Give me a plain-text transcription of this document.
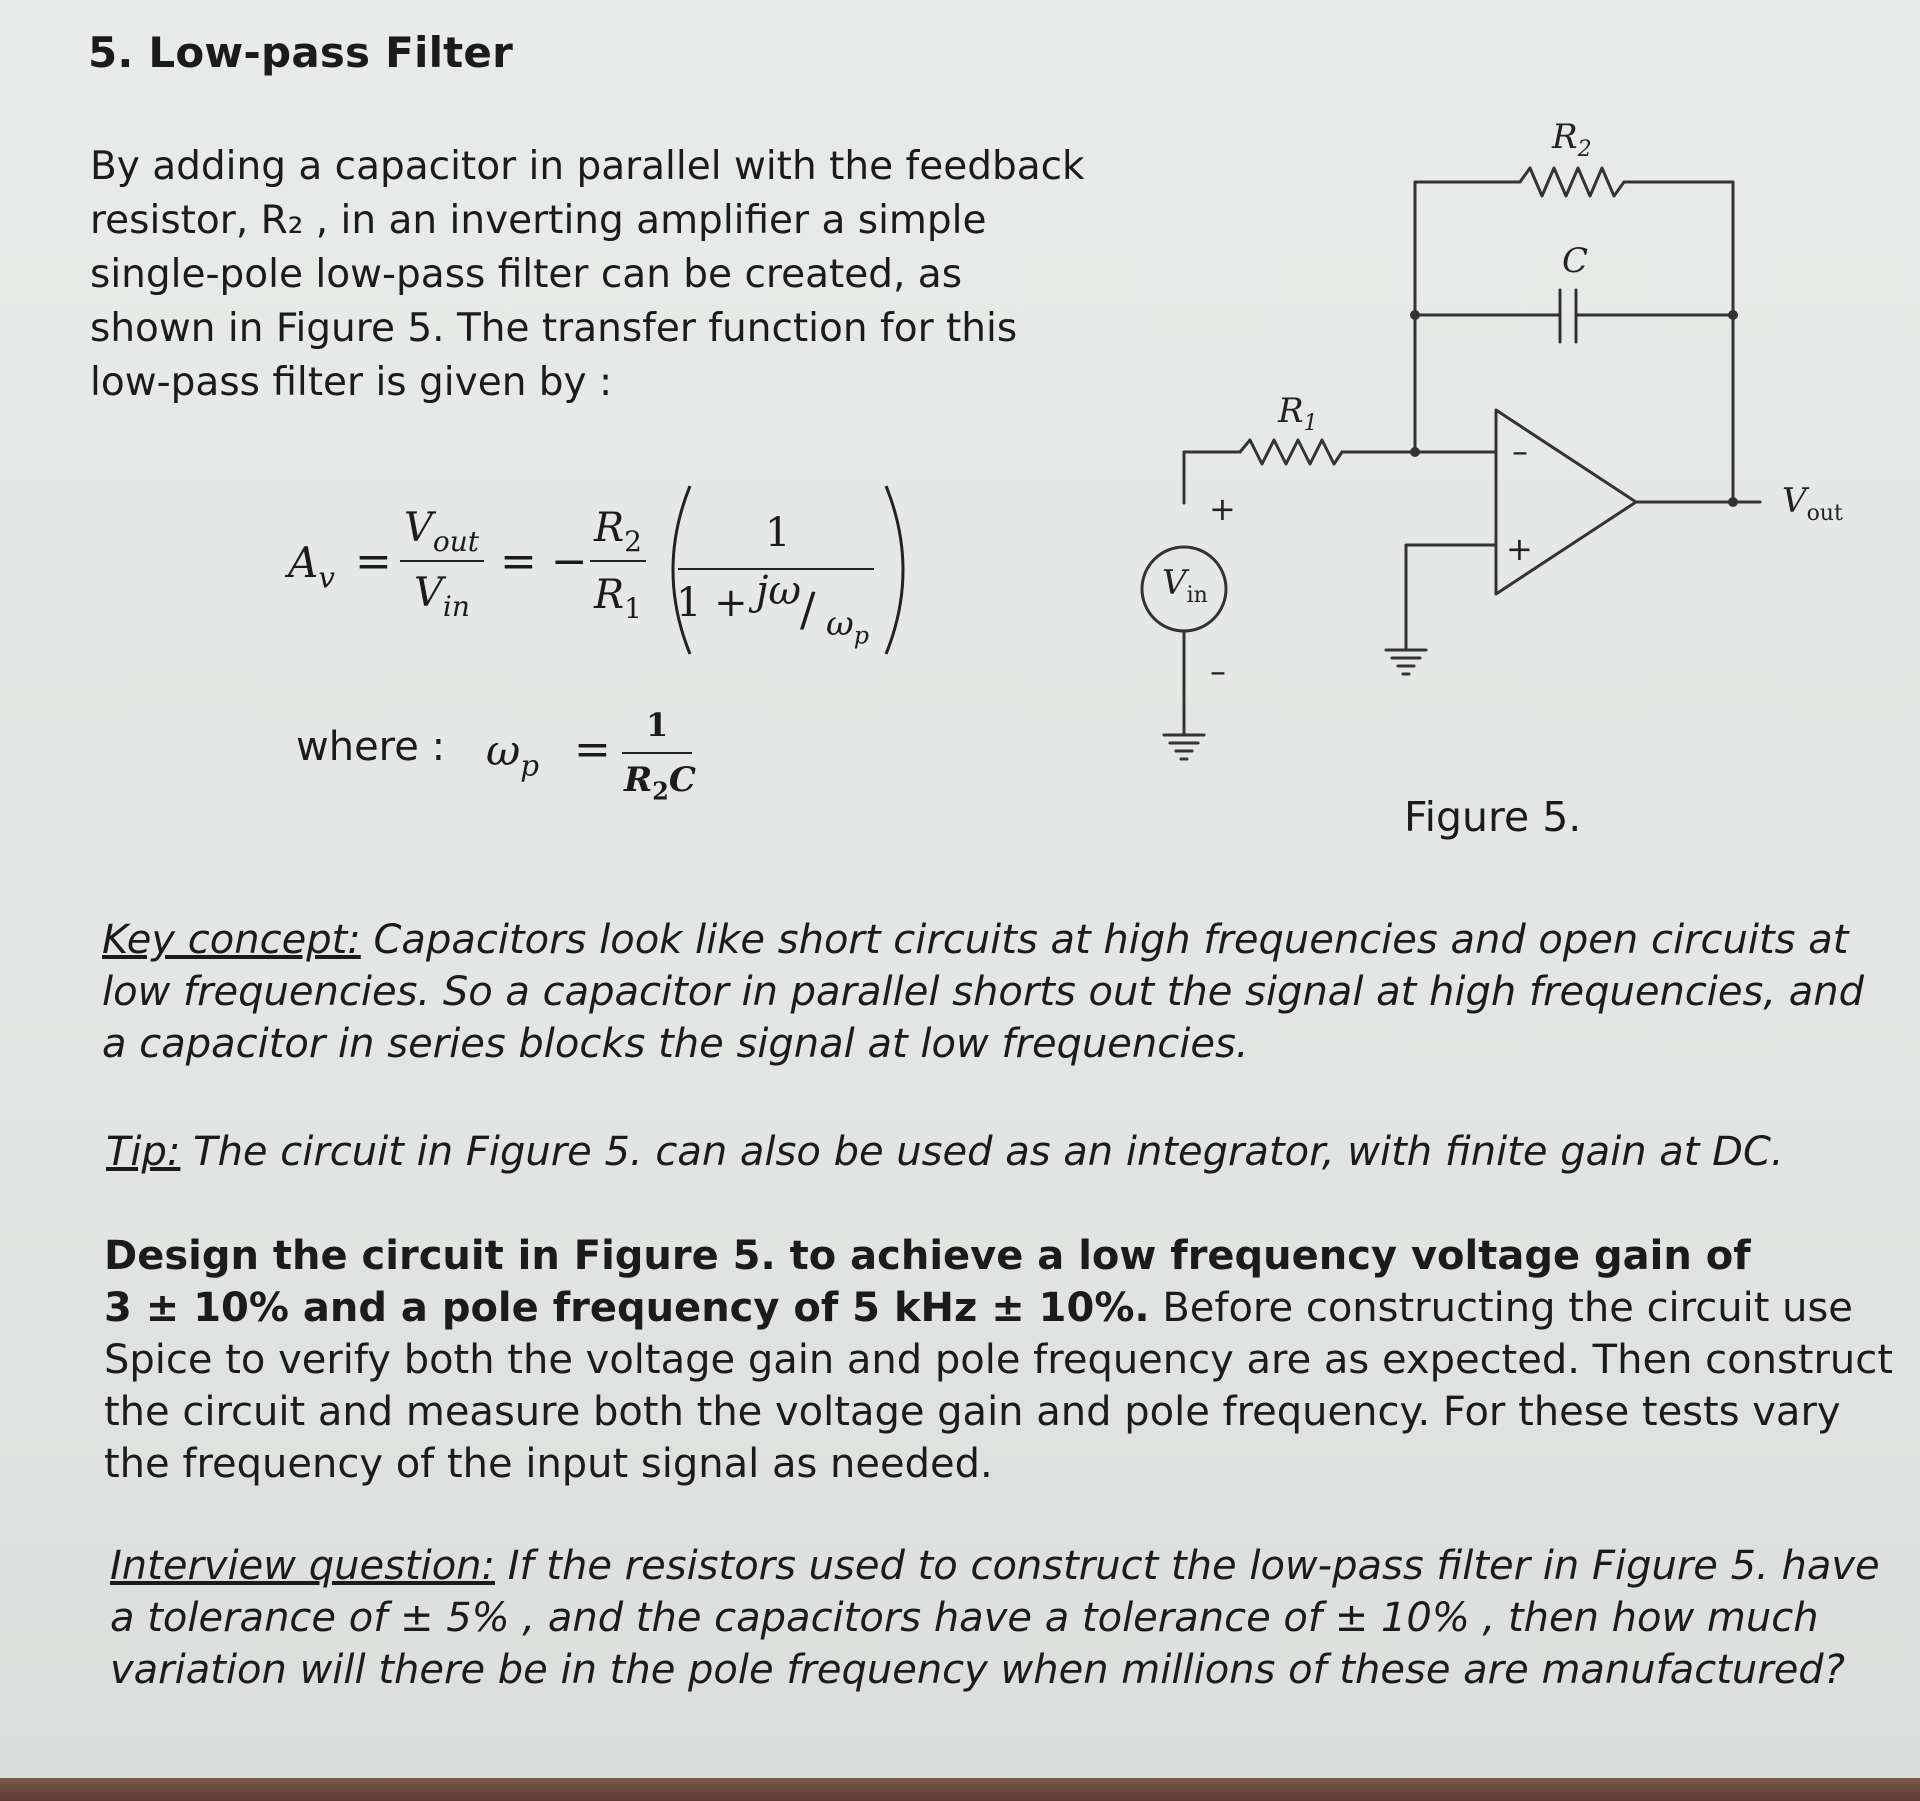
5. Low-pass Filter
By adding a capacitor in parallel with the feedback
resistor, R₂ , in an inverting amplifier a simple
single-pole low-pass filter can be created, as
shown in Figure 5. The transfer function for this
low-pass filter is given by :
$A_v$ =
$V_{out}$
$V_{in}$
= −
$R_2$
$R_1$
1
1 + jω
/ $\omega_p$
where : $\omega_p = 1$
$R_2C$
$R_2$
C
$R_1$
$V_{out}$
$V_{in}$
+
–
–
+
Figure 5.
Key concept: Capacitors look like short circuits at high frequencies and open circuits at
low frequencies. So a capacitor in parallel shorts out the signal at high frequencies, and
a capacitor in series blocks the signal at low frequencies.
Tip: The circuit in Figure 5. can also be used as an integrator, with finite gain at DC.
Design the circuit in Figure 5. to achieve a low frequency voltage gain of
3 ± 10% and a pole frequency of 5 kHz ± 10%. Before constructing the circuit use
Spice to verify both the voltage gain and pole frequency are as expected. Then construct
the circuit and measure both the voltage gain and pole frequency. For these tests vary
the frequency of the input signal as needed.
Interview question: If the resistors used to construct the low-pass filter in Figure 5. have
a tolerance of ± 5% , and the capacitors have a tolerance of ± 10% , then how much
variation will there be in the pole frequency when millions of these are manufactured?
